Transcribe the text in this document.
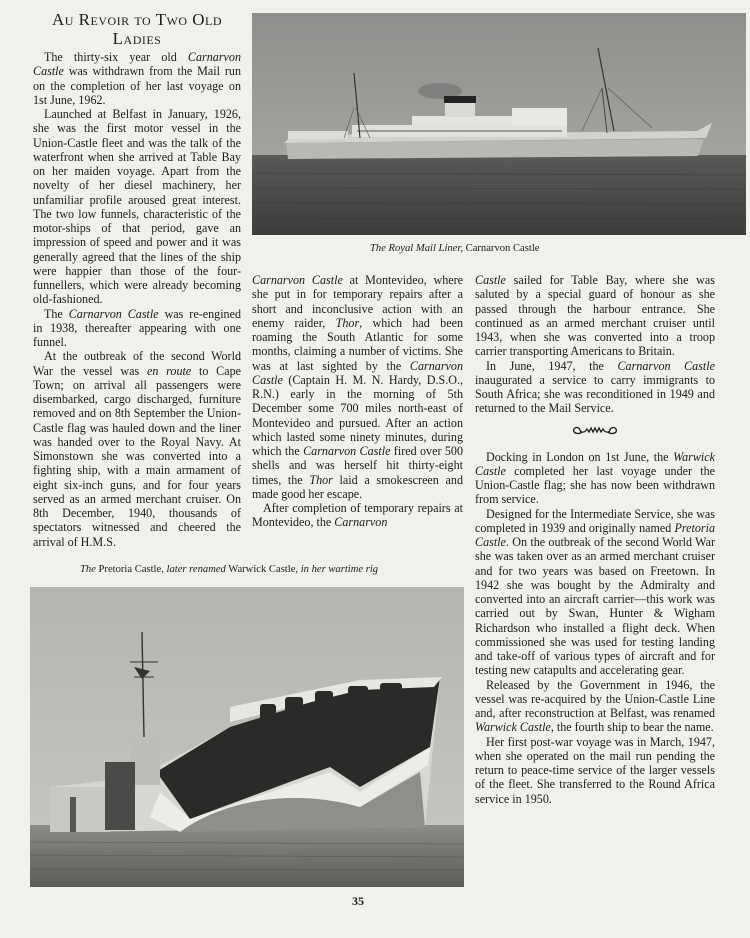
Au Revoir to Two Old Ladies

The thirty-six year old Carnarvon Castle was withdrawn from the Mail run on the completion of her last voyage on 1st June, 1962.

Launched at Belfast in January, 1926, she was the first motor vessel in the Union-Castle fleet and was the talk of the waterfront when she arrived at Table Bay on her maiden voyage. Apart from the novelty of her diesel machinery, her unfamiliar profile aroused great interest. The two low funnels, characteristic of the motor-ships of that period, gave an impression of speed and power and it was generally agreed that the lines of the ship were happier than those of the four-funnellers, which were already becoming old-fashioned.

The Carnarvon Castle was re-engined in 1938, thereafter appearing with one funnel.

At the outbreak of the second World War the vessel was en route to Cape Town; on arrival all passengers were disembarked, cargo discharged, furniture removed and on 8th September the Union-Castle flag was hauled down and the liner was handed over to the Royal Navy. At Simonstown she was converted into a fighting ship, with a main armament of eight six-inch guns, and for four years served as an armed merchant cruiser. On 8th December, 1940, thousands of spectators witnessed and cheered the arrival of H.M.S.

The Royal Mail Liner, Carnarvon Castle

Carnarvon Castle at Montevideo, where she put in for temporary repairs after a short and inconclusive action with an enemy raider, Thor, which had been roaming the South Atlantic for some months, claiming a number of victims. She was at last sighted by the Carnarvon Castle (Captain H. M. N. Hardy, D.S.O., R.N.) early in the morning of 5th December some 700 miles north-east of Montevideo and pursued. After an action which lasted some ninety minutes, during which the Carnarvon Castle fired over 500 shells and was herself hit thirty-eight times, the Thor laid a smokescreen and made good her escape.

After completion of temporary repairs at Montevideo, the Carnarvon

Castle sailed for Table Bay, where she was saluted by a special guard of honour as she passed through the harbour entrance. She continued as an armed merchant cruiser until 1943, when she was converted into a troop carrier transporting Americans to Britain.

In June, 1947, the Carnarvon Castle inaugurated a service to carry immigrants to South Africa; she was reconditioned in 1949 and returned to the Mail Service.

Docking in London on 1st June, the Warwick Castle completed her last voyage under the Union-Castle flag; she has now been withdrawn from service.

Designed for the Intermediate Service, she was completed in 1939 and originally named Pretoria Castle. On the outbreak of the second World War she was taken over as an armed merchant cruiser and for two years was based on Freetown. In 1942 she was bought by the Admiralty and converted into an aircraft carrier—this work was carried out by Swan, Hunter & Wigham Richardson who installed a flight deck. When commissioned she was used for testing landing and take-off of various types of aircraft and for testing new catapults and accelerating gear.

Released by the Government in 1946, the vessel was re-acquired by the Union-Castle Line and, after reconstruction at Belfast, was renamed Warwick Castle, the fourth ship to bear the name.

Her first post-war voyage was in March, 1947, when she operated on the mail run pending the return to peace-time service of the larger vessels of the fleet. She transferred to the Round Africa service in 1950.

The Pretoria Castle, later renamed Warwick Castle, in her wartime rig
35
